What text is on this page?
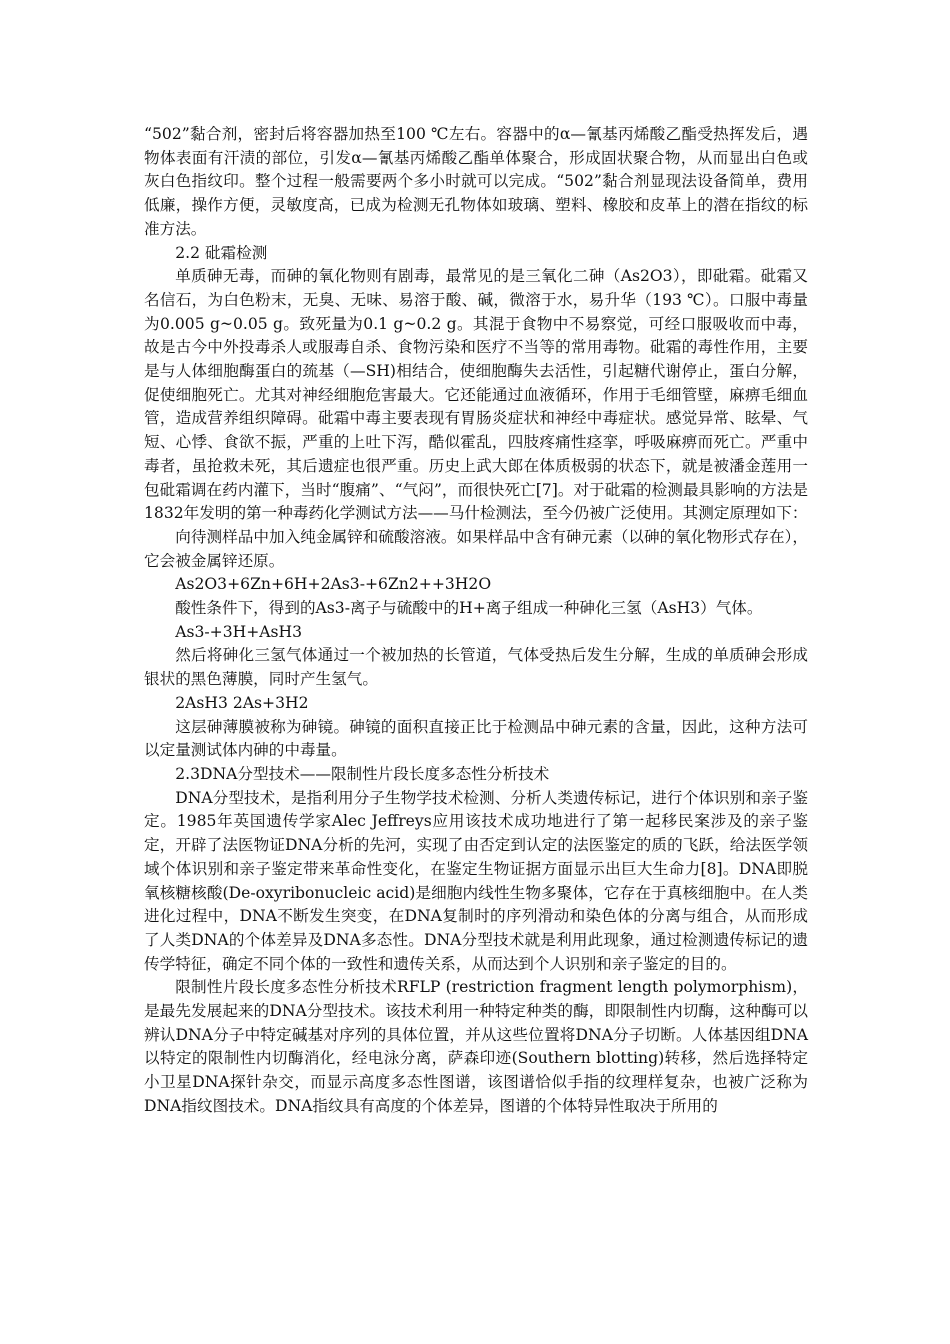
“502”黏合剂，密封后将容器加热至100 ℃左右。容器中的α—氰基丙烯酸乙酯受热挥发后，遇物体表面有汗渍的部位，引发α—氰基丙烯酸乙酯单体聚合，形成固状聚合物，从而显出白色或灰白色指纹印。整个过程一般需要两个多小时就可以完成。“502”黏合剂显现法设备简单，费用低廉，操作方便，灵敏度高，已成为检测无孔物体如玻璃、塑料、橡胶和皮革上的潜在指纹的标准方法。

2.2 砒霜检测

单质砷无毒，而砷的氧化物则有剧毒，最常见的是三氧化二砷（As2O3），即砒霜。砒霜又名信石，为白色粉末，无臭、无味、易溶于酸、碱，微溶于水，易升华（193 ℃）。口服中毒量为0.005 g~0.05 g。致死量为0.1 g~0.2 g。其混于食物中不易察觉，可经口服吸收而中毒，故是古今中外投毒杀人或服毒自杀、食物污染和医疗不当等的常用毒物。砒霜的毒性作用，主要是与人体细胞酶蛋白的巯基（—SH)相结合，使细胞酶失去活性，引起糖代谢停止，蛋白分解，促使细胞死亡。尤其对神经细胞危害最大。它还能通过血液循环，作用于毛细管壁，麻痹毛细血管，造成营养组织障碍。砒霜中毒主要表现有胃肠炎症状和神经中毒症状。感觉异常、眩晕、气短、心悸、食欲不振，严重的上吐下泻，酷似霍乱，四肢疼痛性痉挛，呼吸麻痹而死亡。严重中毒者，虽抢救未死，其后遗症也很严重。历史上武大郎在体质极弱的状态下，就是被潘金莲用一包砒霜调在药内灌下，当时“腹痛”、“气闷”，而很快死亡[7]。对于砒霜的检测最具影响的方法是1832年发明的第一种毒药化学测试方法——马什检测法，至今仍被广泛使用。其测定原理如下：

向待测样品中加入纯金属锌和硫酸溶液。如果样品中含有砷元素（以砷的氧化物形式存在），它会被金属锌还原。

As2O3+6Zn+6H+2As3-+6Zn2++3H2O

酸性条件下，得到的As3-离子与硫酸中的H+离子组成一种砷化三氢（AsH3）气体。

As3-+3H+AsH3

然后将砷化三氢气体通过一个被加热的长管道，气体受热后发生分解，生成的单质砷会形成银状的黑色薄膜，同时产生氢气。

2AsH3 2As+3H2

这层砷薄膜被称为砷镜。砷镜的面积直接正比于检测品中砷元素的含量，因此，这种方法可以定量测试体内砷的中毒量。

2.3DNA分型技术——限制性片段长度多态性分析技术

DNA分型技术，是指利用分子生物学技术检测、分析人类遗传标记，进行个体识别和亲子鉴定。1985年英国遗传学家Alec Jeffreys应用该技术成功地进行了第一起移民案涉及的亲子鉴定，开辟了法医物证DNA分析的先河，实现了由否定到认定的法医鉴定的质的飞跃，给法医学领域个体识别和亲子鉴定带来革命性变化，在鉴定生物证据方面显示出巨大生命力[8]。DNA即脱氧核糖核酸(De-oxyribonucleic acid)是细胞内线性生物多聚体，它存在于真核细胞中。在人类进化过程中，DNA不断发生突变，在DNA复制时的序列滑动和染色体的分离与组合，从而形成了人类DNA的个体差异及DNA多态性。DNA分型技术就是利用此现象，通过检测遗传标记的遗传学特征，确定不同个体的一致性和遗传关系，从而达到个人识别和亲子鉴定的目的。

限制性片段长度多态性分析技术RFLP (restriction fragment length polymorphism)， 是最先发展起来的DNA分型技术。该技术利用一种特定种类的酶，即限制性内切酶，这种酶可以辨认DNA分子中特定碱基对序列的具体位置，并从这些位置将DNA分子切断。人体基因组DNA以特定的限制性内切酶消化，经电泳分离，萨森印迹(Southern blotting)转移，然后选择特定小卫星DNA探针杂交，而显示高度多态性图谱，该图谱恰似手指的纹理样复杂，也被广泛称为DNA指纹图技术。DNA指纹具有高度的个体差异，图谱的个体特异性取决于所用的
